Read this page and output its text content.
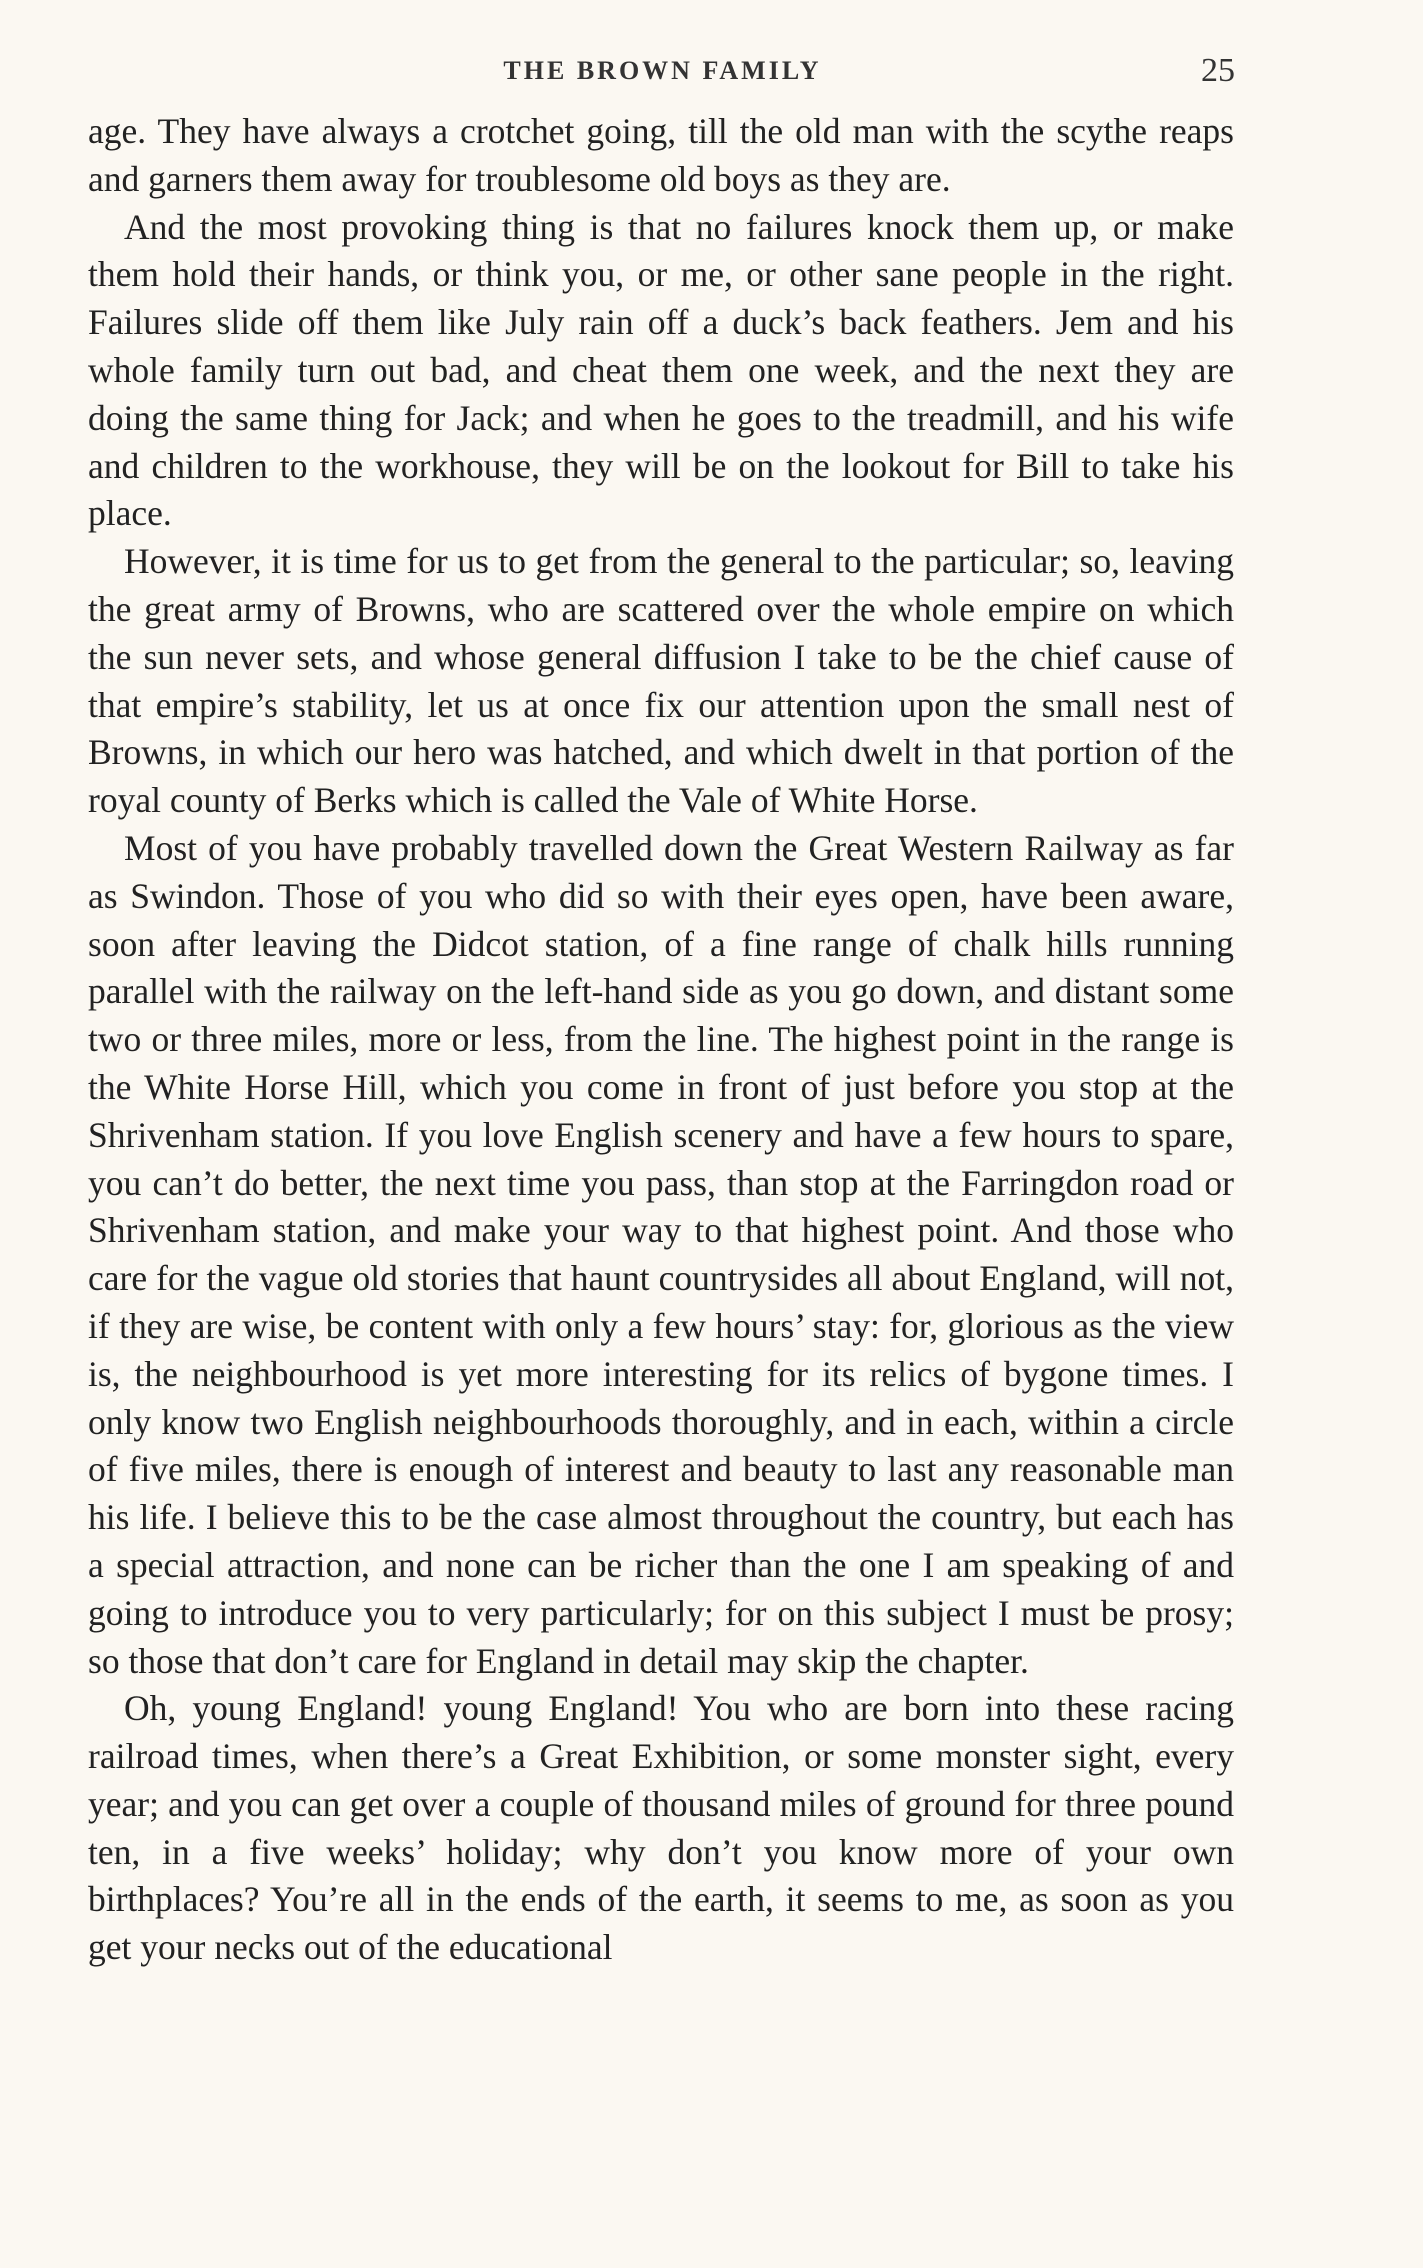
THE BROWN FAMILY	25

age. They have always a crotchet going, till the old man with the scythe reaps and garners them away for troublesome old boys as they are.

And the most provoking thing is that no failures knock them up, or make them hold their hands, or think you, or me, or other sane people in the right. Failures slide off them like July rain off a duck’s back feathers. Jem and his whole family turn out bad, and cheat them one week, and the next they are doing the same thing for Jack; and when he goes to the treadmill, and his wife and children to the workhouse, they will be on the lookout for Bill to take his place.

However, it is time for us to get from the general to the particular; so, leaving the great army of Browns, who are scattered over the whole empire on which the sun never sets, and whose general diffusion I take to be the chief cause of that empire’s stability, let us at once fix our attention upon the small nest of Browns, in which our hero was hatched, and which dwelt in that portion of the royal county of Berks which is called the Vale of White Horse.

Most of you have probably travelled down the Great Western Railway as far as Swindon. Those of you who did so with their eyes open, have been aware, soon after leaving the Didcot station, of a fine range of chalk hills running parallel with the railway on the left-hand side as you go down, and distant some two or three miles, more or less, from the line. The highest point in the range is the White Horse Hill, which you come in front of just before you stop at the Shrivenham station. If you love English scenery and have a few hours to spare, you can’t do better, the next time you pass, than stop at the Farringdon road or Shrivenham station, and make your way to that highest point. And those who care for the vague old stories that haunt countrysides all about England, will not, if they are wise, be content with only a few hours’ stay: for, glorious as the view is, the neighbourhood is yet more interesting for its relics of bygone times. I only know two English neighbourhoods thoroughly, and in each, within a circle of five miles, there is enough of interest and beauty to last any reasonable man his life. I believe this to be the case almost throughout the country, but each has a special attraction, and none can be richer than the one I am speaking of and going to introduce you to very particularly; for on this subject I must be prosy; so those that don’t care for England in detail may skip the chapter.

Oh, young England! young England! You who are born into these racing railroad times, when there’s a Great Exhibition, or some monster sight, every year; and you can get over a couple of thousand miles of ground for three pound ten, in a five weeks’ holiday; why don’t you know more of your own birthplaces? You’re all in the ends of the earth, it seems to me, as soon as you get your necks out of the educational
